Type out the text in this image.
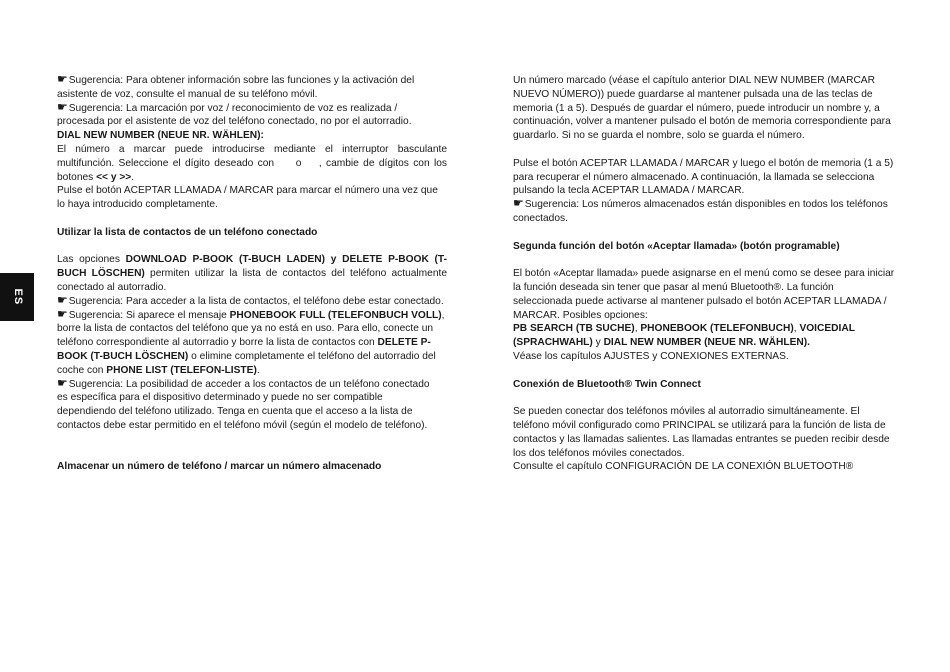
ES

☛Sugerencia: Para obtener información sobre las funciones y la activación del asistente de voz, consulte el manual de su teléfono móvil.

☛Sugerencia: La marcación por voz / reconocimiento de voz es realizada / procesada por el asistente de voz del teléfono conectado, no por el autorradio.

DIAL NEW NUMBER (NEUE NR. WÄHLEN):

El número a marcar puede introducirse mediante el interruptor basculante multifunción. Seleccione el dígito deseado con o , cambie de dígitos con los botones << y >>.

Pulse el botón ACEPTAR LLAMADA / MARCAR para marcar el número una vez que lo haya introducido completamente.

Utilizar la lista de contactos de un teléfono conectado

Las opciones DOWNLOAD P-BOOK (T-BUCH LADEN) y DELETE P-BOOK (T-BUCH LÖSCHEN) permiten utilizar la lista de contactos del teléfono actualmente conectado al autorradio.

☛Sugerencia: Para acceder a la lista de contactos, el teléfono debe estar conectado.

☛Sugerencia: Si aparece el mensaje PHONEBOOK FULL (TELEFONBUCH VOLL), borre la lista de contactos del teléfono que ya no está en uso. Para ello, conecte un teléfono correspondiente al autorradio y borre la lista de contactos con DELETE P-BOOK (T-BUCH LÖSCHEN) o elimine completamente el teléfono del autorradio del coche con PHONE LIST (TELEFON-LISTE).

☛Sugerencia: La posibilidad de acceder a los contactos de un teléfono conectado es específica para el dispositivo determinado y puede no ser compatible dependiendo del teléfono utilizado. Tenga en cuenta que el acceso a la lista de contactos debe estar permitido en el teléfono móvil (según el modelo de teléfono).

Almacenar un número de teléfono / marcar un número almacenado

Un número marcado (véase el capítulo anterior DIAL NEW NUMBER (MARCAR NUEVO NÚMERO)) puede guardarse al mantener pulsada una de las teclas de memoria (1 a 5). Después de guardar el número, puede introducir un nombre y, a continuación, volver a mantener pulsado el botón de memoria correspondiente para guardarlo. Si no se guarda el nombre, solo se guarda el número.

Pulse el botón ACEPTAR LLAMADA / MARCAR y luego el botón de memoria (1 a 5) para recuperar el número almacenado. A continuación, la llamada se selecciona pulsando la tecla ACEPTAR LLAMADA / MARCAR.

☛Sugerencia: Los números almacenados están disponibles en todos los teléfonos conectados.

Segunda función del botón «Aceptar llamada» (botón programable)

El botón «Aceptar llamada» puede asignarse en el menú como se desee para iniciar la función deseada sin tener que pasar al menú Bluetooth®. La función seleccionada puede activarse al mantener pulsado el botón ACEPTAR LLAMADA / MARCAR. Posibles opciones:

PB SEARCH (TB SUCHE), PHONEBOOK (TELEFONBUCH), VOICEDIAL (SPRACHWAHL) y DIAL NEW NUMBER (NEUE NR. WÄHLEN).

Véase los capítulos AJUSTES y CONEXIONES EXTERNAS.

Conexión de Bluetooth® Twin Connect

Se pueden conectar dos teléfonos móviles al autorradio simultáneamente. El teléfono móvil configurado como PRINCIPAL se utilizará para la función de lista de contactos y las llamadas salientes. Las llamadas entrantes se pueden recibir desde los dos teléfonos móviles conectados.

Consulte el capítulo CONFIGURACIÓN DE LA CONEXIÓN BLUETOOTH®
